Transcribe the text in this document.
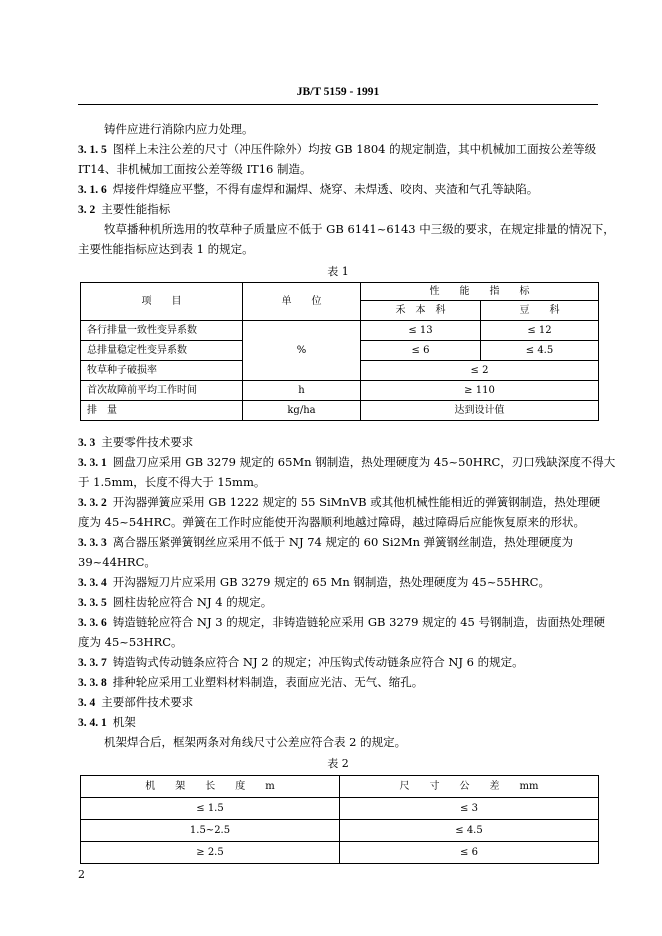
JB/T 5159 - 1991
铸件应进行消除内应力处理。
3. 1. 5 图样上未注公差的尺寸（冲压件除外）均按 GB 1804 的规定制造，其中机械加工面按公差等级
IT14、非机械加工面按公差等级 IT16 制造。
3. 1. 6 焊接件焊缝应平整，不得有虚焊和漏焊、烧穿、未焊透、咬肉、夹渣和气孔等缺陷。
3. 2 主要性能指标
牧草播种机所选用的牧草种子质量应不低于 GB 6141~6143 中三级的要求，在规定排量的情况下，
主要性能指标应达到表 1 的规定。
表 1
项　　目	单　　位	性　　能　　指　　标	
		禾　本　科	豆　　科
各行排量一致性变异系数	%	≤ 13	≤ 12
总排量稳定性变异系数		≤ 6	≤ 4.5
牧草种子破损率		≤ 2	
首次故障前平均工作时间	h	≥ 110	
排　量	kg/ha	达到设计值	
3. 3 主要零件技术要求
3. 3. 1 圆盘刀应采用 GB 3279 规定的 65Mn 钢制造，热处理硬度为 45~50HRC，刃口残缺深度不得大
于 1.5mm，长度不得大于 15mm。
3. 3. 2 开沟器弹簧应采用 GB 1222 规定的 55 SiMnVB 或其他机械性能相近的弹簧钢制造，热处理硬
度为 45~54HRC。弹簧在工作时应能使开沟器顺利地越过障碍，越过障碍后应能恢复原来的形状。
3. 3. 3 离合器压紧弹簧钢丝应采用不低于 NJ 74 规定的 60 Si2Mn 弹簧钢丝制造，热处理硬度为
39~44HRC。
3. 3. 4 开沟器短刀片应采用 GB 3279 规定的 65 Mn 钢制造，热处理硬度为 45~55HRC。
3. 3. 5 圆柱齿轮应符合 NJ 4 的规定。
3. 3. 6 铸造链轮应符合 NJ 3 的规定，非铸造链轮应采用 GB 3279 规定的 45 号钢制造，齿面热处理硬
度为 45~53HRC。
3. 3. 7 铸造钩式传动链条应符合 NJ 2 的规定；冲压钩式传动链条应符合 NJ 6 的规定。
3. 3. 8 排种轮应采用工业塑料材料制造，表面应光洁、无气、缩孔。
3. 4 主要部件技术要求
3. 4. 1 机架
机架焊合后，框架两条对角线尺寸公差应符合表 2 的规定。
表 2
机　　架　　长　　度　　m	尺　　寸　　公　　差　　mm
≤ 1.5	≤ 3
1.5~2.5	≤ 4.5
≥ 2.5	≤ 6
2
